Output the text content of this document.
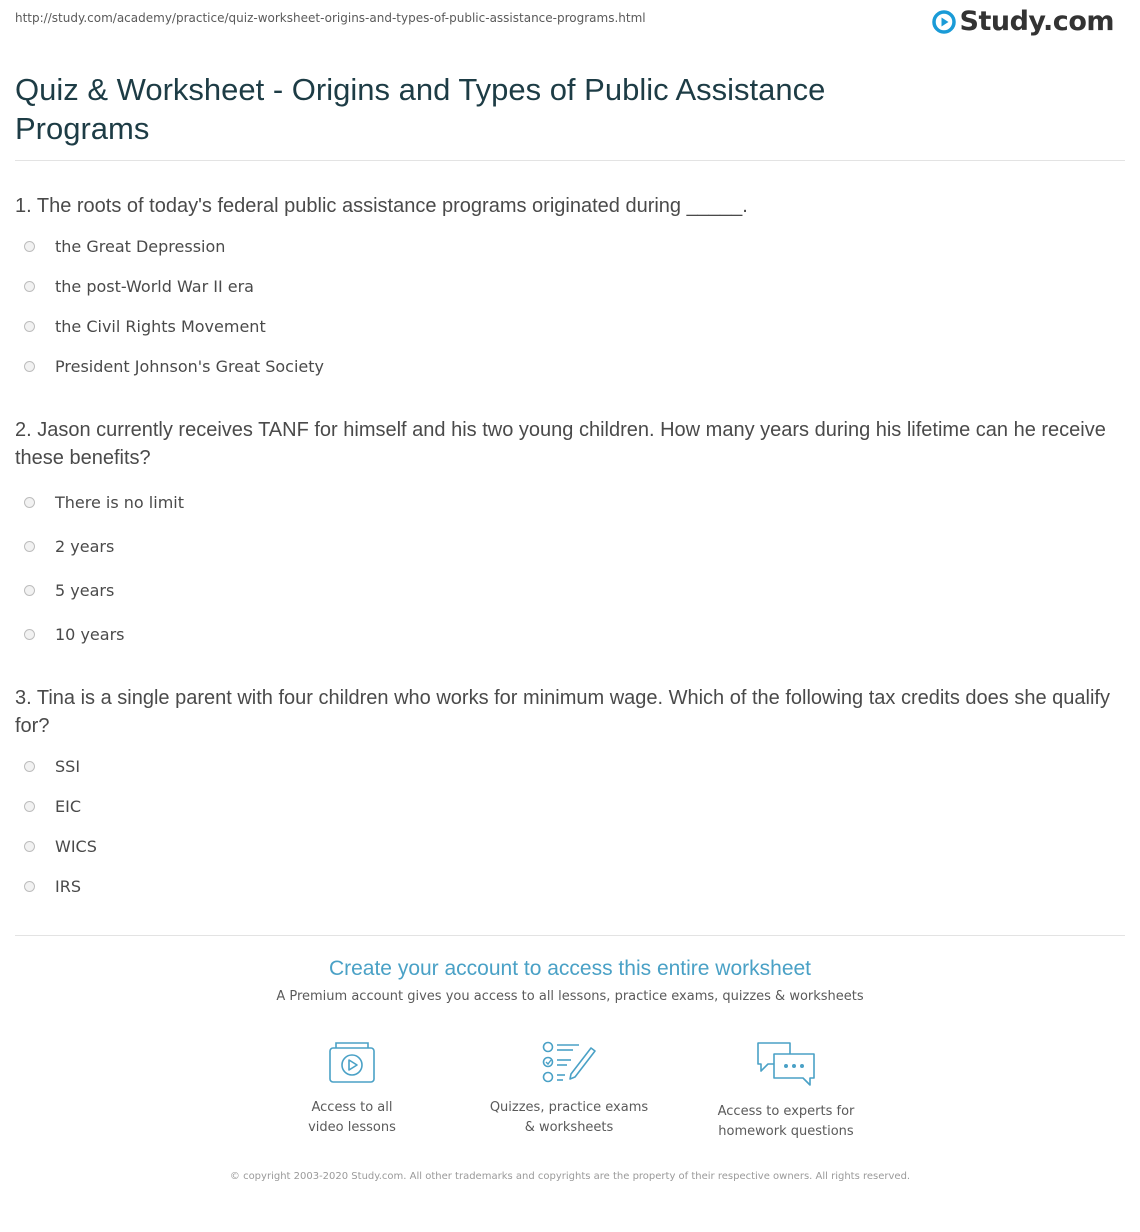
http://study.com/academy/practice/quiz-worksheet-origins-and-types-of-public-assistance-programs.html	Study.com
Quiz & Worksheet - Origins and Types of Public Assistance Programs
1. The roots of today's federal public assistance programs originated during _____.
the Great Depression
the post-World War II era
the Civil Rights Movement
President Johnson's Great Society
2. Jason currently receives TANF for himself and his two young children. How many years during his lifetime can he receive these benefits?
There is no limit
2 years
5 years
10 years
3. Tina is a single parent with four children who works for minimum wage. Which of the following tax credits does she qualify for?
SSI
EIC
WICS
IRS
Create your account to access this entire worksheet
A Premium account gives you access to all lessons, practice exams, quizzes & worksheets
Access to all
video lessons
Quizzes, practice exams
& worksheets
Access to experts for
homework questions
© copyright 2003-2020 Study.com. All other trademarks and copyrights are the property of their respective owners. All rights reserved.
